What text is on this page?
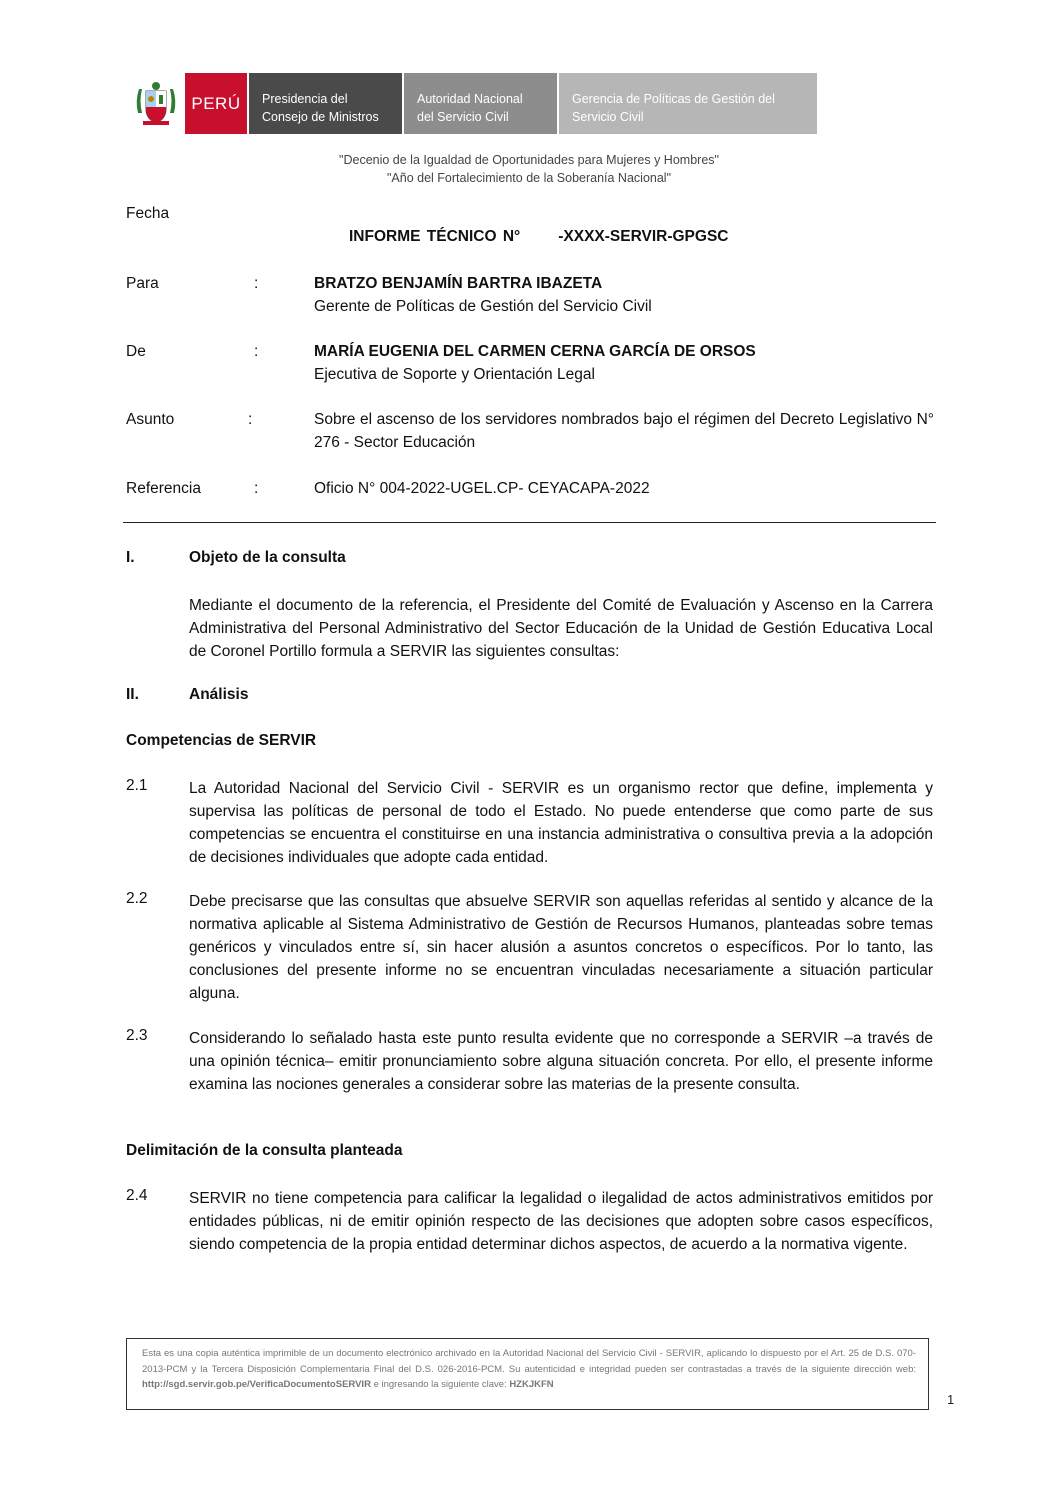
PERÚ Presidencia del
Consejo de Ministros
Autoridad Nacional
del Servicio Civil
Gerencia de Políticas de Gestión del
Servicio Civil
"Decenio de la Igualdad de Oportunidades para Mujeres y Hombres"
"Año del Fortalecimiento de la Soberanía Nacional"
Fecha
INFORME TÉCNICO N° -XXXX-SERVIR-GPGSC
Para	:	BRATZO BENJAMÍN BARTRA IBAZETA
Gerente de Políticas de Gestión del Servicio Civil
De	:	MARÍA EUGENIA DEL CARMEN CERNA GARCÍA DE ORSOS
Ejecutiva de Soporte y Orientación Legal
Asunto	:	Sobre el ascenso de los servidores nombrados bajo el régimen del Decreto Legislativo N° 276 - Sector Educación
Referencia	:	Oficio N° 004-2022-UGEL.CP- CEYACAPA-2022
I.	Objeto de la consulta
Mediante el documento de la referencia, el Presidente del Comité de Evaluación y Ascenso en la Carrera Administrativa del Personal Administrativo del Sector Educación de la Unidad de Gestión Educativa Local de Coronel Portillo formula a SERVIR las siguientes consultas:
II.	Análisis
Competencias de SERVIR
2.1	La Autoridad Nacional del Servicio Civil - SERVIR es un organismo rector que define, implementa y supervisa las políticas de personal de todo el Estado. No puede entenderse que como parte de sus competencias se encuentra el constituirse en una instancia administrativa o consultiva previa a la adopción de decisiones individuales que adopte cada entidad.
2.2	Debe precisarse que las consultas que absuelve SERVIR son aquellas referidas al sentido y alcance de la normativa aplicable al Sistema Administrativo de Gestión de Recursos Humanos, planteadas sobre temas genéricos y vinculados entre sí, sin hacer alusión a asuntos concretos o específicos. Por lo tanto, las conclusiones del presente informe no se encuentran vinculadas necesariamente a situación particular alguna.
2.3	Considerando lo señalado hasta este punto resulta evidente que no corresponde a SERVIR –a través de una opinión técnica– emitir pronunciamiento sobre alguna situación concreta. Por ello, el presente informe examina las nociones generales a considerar sobre las materias de la presente consulta.
Delimitación de la consulta planteada
2.4	SERVIR no tiene competencia para calificar la legalidad o ilegalidad de actos administrativos emitidos por entidades públicas, ni de emitir opinión respecto de las decisiones que adopten sobre casos específicos, siendo competencia de la propia entidad determinar dichos aspectos, de acuerdo a la normativa vigente.
Esta es una copia auténtica imprimible de un documento electrónico archivado en la Autoridad Nacional del Servicio Civil - SERVIR, aplicando lo dispuesto por el Art. 25 de D.S. 070-2013-PCM y la Tercera Disposición Complementaria Final del D.S. 026-2016-PCM. Su autenticidad e integridad pueden ser contrastadas a través de la siguiente dirección web: http://sgd.servir.gob.pe/VerificaDocumentoSERVIR e ingresando la siguiente clave: HZKJKFN
1
